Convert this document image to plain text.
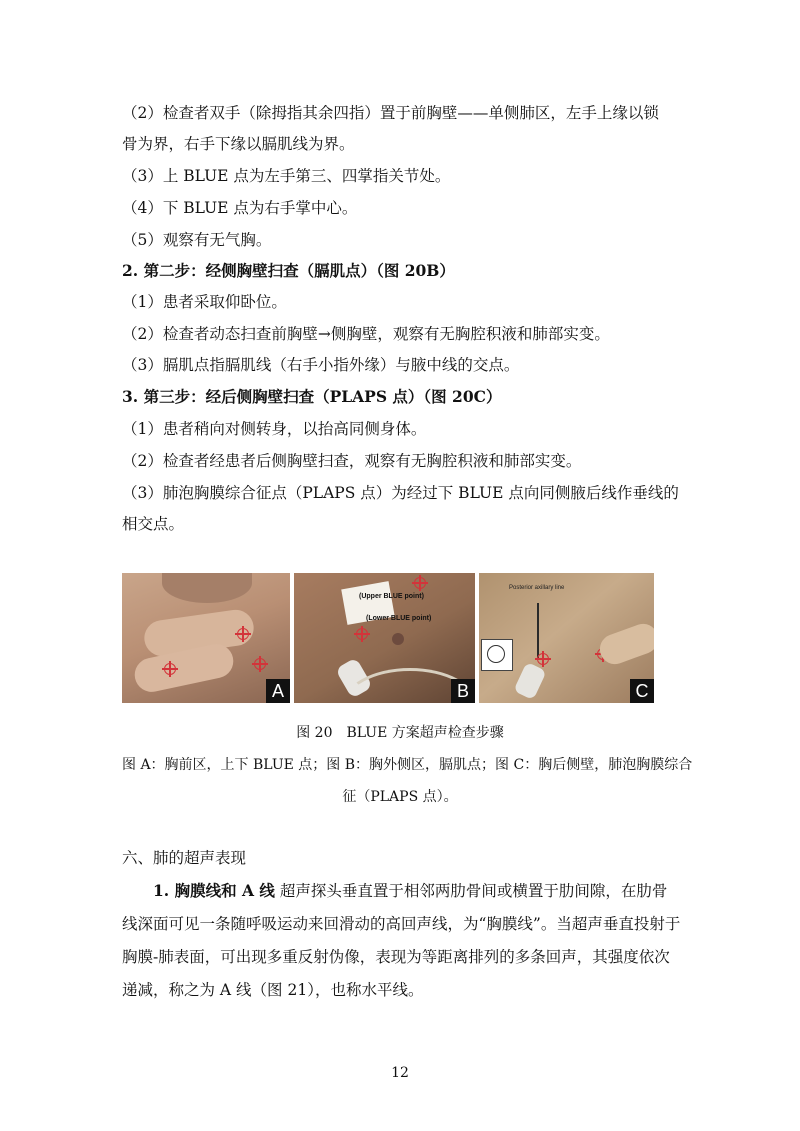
（2）检查者双手（除拇指其余四指）置于前胸壁——单侧肺区，左手上缘以锁
骨为界，右手下缘以膈肌线为界。
（3）上 BLUE 点为左手第三、四掌指关节处。
（4）下 BLUE 点为右手掌中心。
（5）观察有无气胸。
2. 第二步：经侧胸壁扫查（膈肌点）（图 20B）
（1）患者采取仰卧位。
（2）检查者动态扫查前胸壁→侧胸壁，观察有无胸腔积液和肺部实变。
（3）膈肌点指膈肌线（右手小指外缘）与腋中线的交点。
3. 第三步：经后侧胸壁扫查（PLAPS 点）（图 20C）
（1）患者稍向对侧转身，以抬高同侧身体。
（2）检查者经患者后侧胸壁扫查，观察有无胸腔积液和肺部实变。
（3）肺泡胸膜综合征点（PLAPS 点）为经过下 BLUE 点向同侧腋后线作垂线的
相交点。
A
(Upper BLUE point)
(Lower BLUE point)
B
Posterior axillary line
C
图 20　BLUE 方案超声检查步骤
图 A：胸前区，上下 BLUE 点；图 B：胸外侧区，膈肌点；图 C：胸后侧壁，肺泡胸膜综合
征（PLAPS 点）。
六、肺的超声表现
1. 胸膜线和 A 线 超声探头垂直置于相邻两肋骨间或横置于肋间隙，在肋骨线深面可见一条随呼吸运动来回滑动的高回声线，为“胸膜线”。当超声垂直投射于胸膜-肺表面，可出现多重反射伪像，表现为等距离排列的多条回声，其强度依次递减，称之为 A 线（图 21），也称水平线。
12
